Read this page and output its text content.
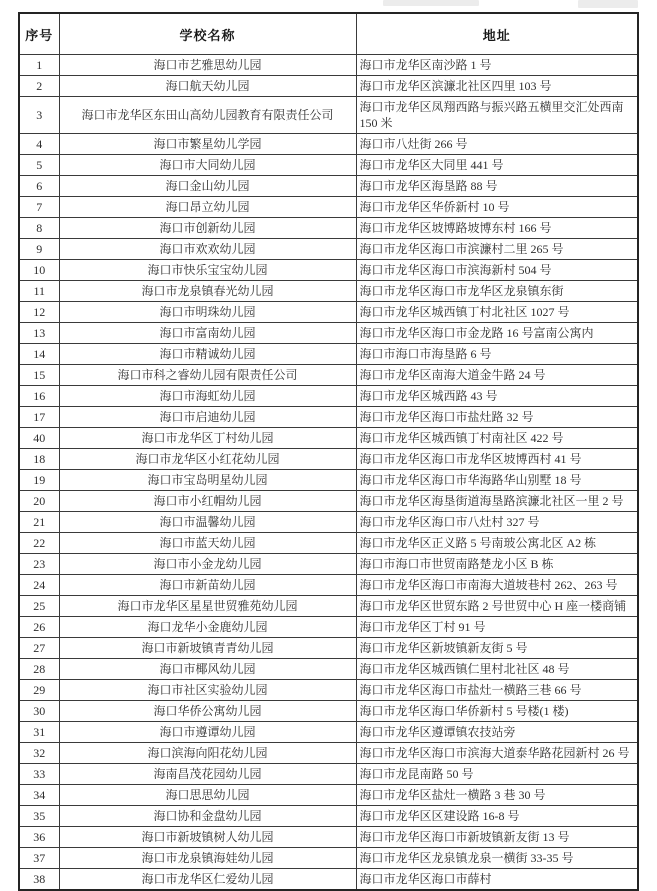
序号	学校名称	地址
1	海口市艺雅思幼儿园	海口市龙华区南沙路 1 号
2	海口航天幼儿园	海口市龙华区滨濂北社区四里 103 号
3	海口市龙华区东田山高幼儿园教育有限责任公司	海口市龙华区凤翔西路与振兴路五横里交汇处西南 150 米
4	海口市繁星幼儿学园	海口市八灶街 266 号
5	海口市大同幼儿园	海口市龙华区大同里 441 号
6	海口金山幼儿园	海口市龙华区海垦路 88 号
7	海口昂立幼儿园	海口市龙华区华侨新村 10 号
8	海口市创新幼儿园	海口市龙华区坡博路坡博东村 166 号
9	海口市欢欢幼儿园	海口市龙华区海口市滨濂村二里 265 号
10	海口市快乐宝宝幼儿园	海口市龙华区海口市滨海新村 504 号
11	海口市龙泉镇春光幼儿园	海口市龙华区海口市龙华区龙泉镇东街
12	海口市明珠幼儿园	海口市龙华区城西镇丁村北社区 1027 号
13	海口市富南幼儿园	海口市龙华区海口市金龙路 16 号富南公寓内
14	海口市精诚幼儿园	海口市海口市海垦路 6 号
15	海口市科之睿幼儿园有限责任公司	海口市龙华区南海大道金牛路 24 号
16	海口市海虹幼儿园	海口市龙华区城西路 43 号
17	海口市启迪幼儿园	海口市龙华区海口市盐灶路 32 号
40	海口市龙华区丁村幼儿园	海口市龙华区城西镇丁村南社区 422 号
18	海口市龙华区小红花幼儿园	海口市龙华区海口市龙华区坡博西村 41 号
19	海口市宝岛明星幼儿园	海口市龙华区海口市华海路华山别墅 18 号
20	海口市小红帽幼儿园	海口市龙华区海垦街道海垦路滨濂北社区一里 2 号
21	海口市温馨幼儿园	海口市龙华区海口市八灶村 327 号
22	海口市蓝天幼儿园	海口市龙华区正义路 5 号南玻公寓北区 A2 栋
23	海口市小金龙幼儿园	海口市海口市世贸南路楚龙小区 B 栋
24	海口市新苗幼儿园	海口市龙华区海口市南海大道坡巷村 262、263 号
25	海口市龙华区星星世贸雅苑幼儿园	海口市龙华区世贸东路 2 号世贸中心 H 座一楼商铺
26	海口龙华小金鹿幼儿园	海口市龙华区丁村 91 号
27	海口市新坡镇青青幼儿园	海口市龙华区新坡镇新友街 5 号
28	海口市椰风幼儿园	海口市龙华区城西镇仁里村北社区 48 号
29	海口市社区实验幼儿园	海口市龙华区海口市盐灶一横路三巷 66 号
30	海口华侨公寓幼儿园	海口市龙华区海口华侨新村 5 号楼(1 楼)
31	海口市遵谭幼儿园	海口市龙华区遵谭镇农技站旁
32	海口滨海向阳花幼儿园	海口市龙华区海口市滨海大道泰华路花园新村 26 号
33	海南昌茂花园幼儿园	海口市龙昆南路 50 号
34	海口思思幼儿园	海口市龙华区盐灶一横路 3 巷 30 号
35	海口协和金盘幼儿园	海口市龙华区区建设路 16-8 号
36	海口市新坡镇树人幼儿园	海口市龙华区海口市新坡镇新友街 13 号
37	海口市龙泉镇海娃幼儿园	海口市龙华区龙泉镇龙泉一横街 33-35 号
38	海口市龙华区仁爱幼儿园	海口市龙华区海口市薛村
